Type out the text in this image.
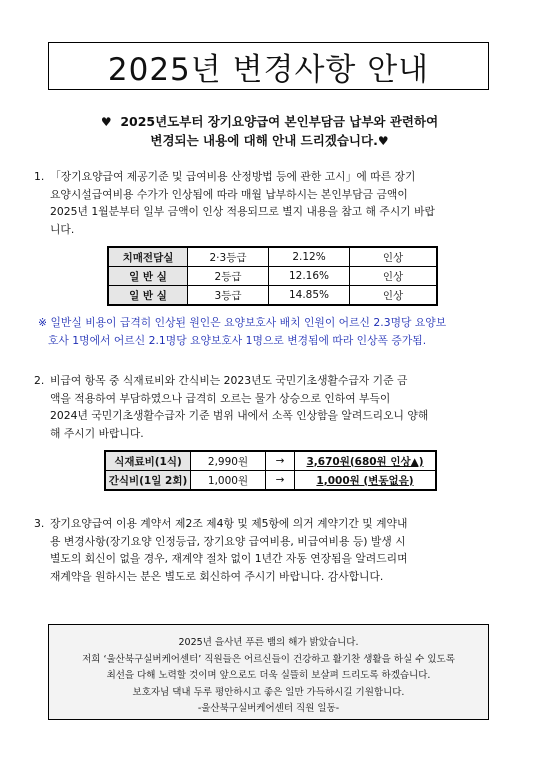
2025년 변경사항 안내
♥ 2025년도부터 장기요양급여 본인부담금 납부와 관련하여
변경되는 내용에 대해 안내 드리겠습니다.♥
1. 「장기요양급여 제공기준 및 급여비용 산정방법 등에 관한 고시」에 따른 장기
요양시설급여비용 수가가 인상됨에 따라 매월 납부하시는 본인부담금 금액이
2025년 1월분부터 일부 금액이 인상 적용되므로 별지 내용을 참고 해 주시기 바랍
니다.
치매전담실	2·3등급	2.12%	인상
일 반 실	2등급	12.16%	인상
일 반 실	3등급	14.85%	인상
※ 일반실 비용이 급격히 인상된 원인은 요양보호사 배치 인원이 어르신 2.3명당 요양보
호사 1명에서 어르신 2.1명당 요양보호사 1명으로 변경됨에 따라 인상폭 증가됨.
2. 비급여 항목 중 식재료비와 간식비는 2023년도 국민기초생활수급자 기준 금
액을 적용하여 부담하였으나 급격히 오르는 물가 상승으로 인하여 부득이
2024년 국민기초생활수급자 기준 범위 내에서 소폭 인상함을 알려드리오니 양해
해 주시기 바랍니다.
식재료비(1식)	2,990원	→	3,670원(680원 인상▲)
간식비(1일 2회)	1,000원	→	1,000원 (변동없음)
3. 장기요양급여 이용 계약서 제2조 제4항 및 제5항에 의거 계약기간 및 계약내
용 변경사항(장기요양 인정등급, 장기요양 급여비용, 비급여비용 등) 발생 시
별도의 회신이 없을 경우, 재계약 절차 없이 1년간 자동 연장됨을 알려드리며
재계약을 원하시는 분은 별도로 회신하여 주시기 바랍니다. 감사합니다.
2025년 을사년 푸른 뱀의 해가 밝았습니다.
저희 ‘울산북구실버케어센터’ 직원들은 어르신들이 건강하고 활기찬 생활을 하실 수 있도록
최선을 다해 노력할 것이며 앞으로도 더욱 실뜰히 보살펴 드리도록 하겠습니다.
보호자님 댁내 두루 평안하시고 좋은 일만 가득하시길 기원합니다.
-울산북구실버케어센터 직원 일동-
